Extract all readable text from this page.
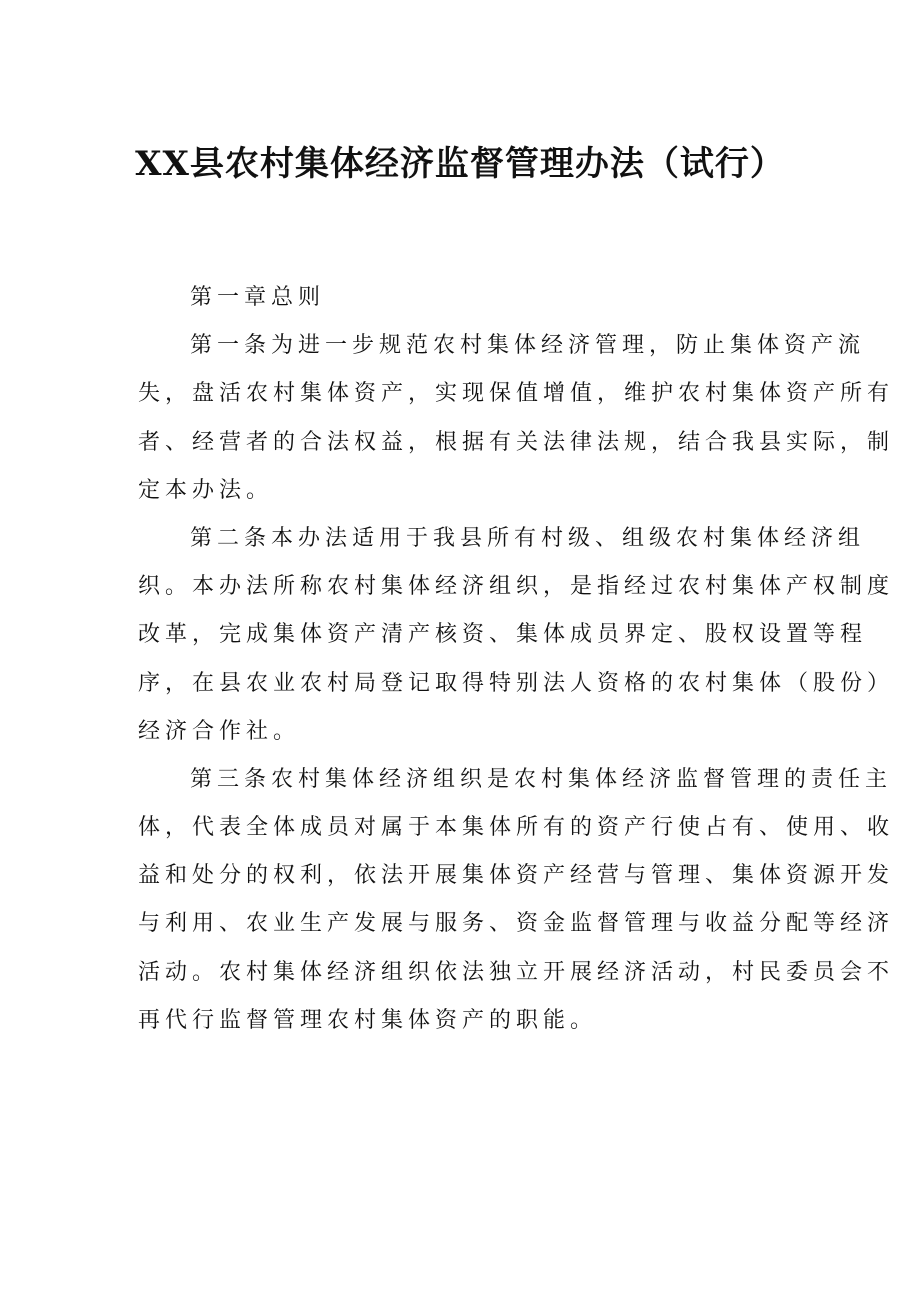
XX县农村集体经济监督管理办法（试行）
第一章总则
第一条为进一步规范农村集体经济管理，防止集体资产流
失，盘活农村集体资产，实现保值增值，维护农村集体资产所有
者、经营者的合法权益，根据有关法律法规，结合我县实际，制
定本办法。
第二条本办法适用于我县所有村级、组级农村集体经济组
织。本办法所称农村集体经济组织，是指经过农村集体产权制度
改革，完成集体资产清产核资、集体成员界定、股权设置等程
序，在县农业农村局登记取得特别法人资格的农村集体（股份）
经济合作社。
第三条农村集体经济组织是农村集体经济监督管理的责任主
体，代表全体成员对属于本集体所有的资产行使占有、使用、收
益和处分的权利，依法开展集体资产经营与管理、集体资源开发
与利用、农业生产发展与服务、资金监督管理与收益分配等经济
活动。农村集体经济组织依法独立开展经济活动，村民委员会不
再代行监督管理农村集体资产的职能。
